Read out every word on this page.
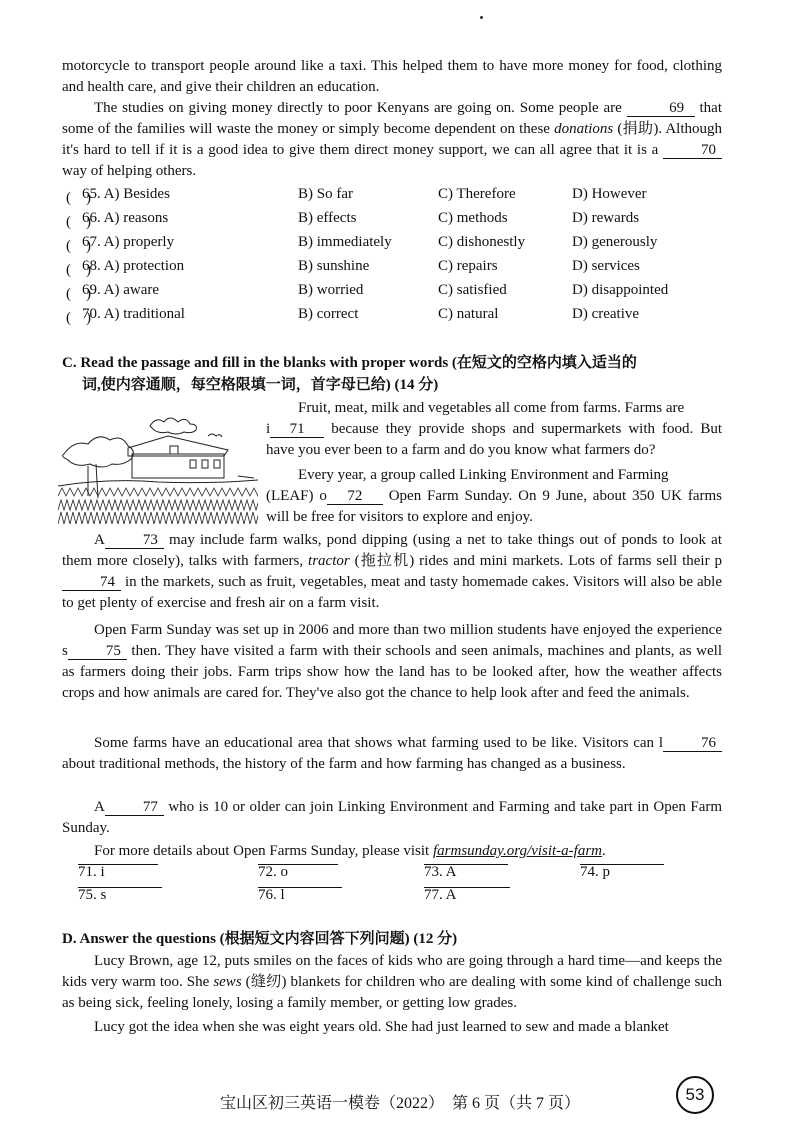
motorcycle to transport people around like a taxi. This helped them to have more money for food, clothing and health care, and give their children an education.

The studies on giving money directly to poor Kenyans are going on. Some people are	69 that some of the families will waste the money or simply become dependent on these donations (捐助). Although it's hard to tell if it is a good idea to give them direct money support, we can all agree that it is a	70 way of helping others.

(　)
65. A) Besides	B) So far	C) Therefore	D) However
(　)
66. A) reasons	B) effects	C) methods	D) rewards
(　)
67. A) properly	B) immediately	C) dishonestly	D) generously
(　)
68. A) protection	B) sunshine	C) repairs	D) services
(　)
69. A) aware	B) worried	C) satisfied	D) disappointed
(　)
70. A) traditional	B) correct	C) natural	D) creative

C. Read the passage and fill in the blanks with proper words (在短文的空格内填入适当的

词,使内容通顺，每空格限填一词，首字母已给) (14 分)

Fruit, meat, milk and vegetables all come from farms. Farms are

i 71 because they provide shops and supermarkets with food. But have you ever been to a farm and do you know what farmers do?

Every year, a group called Linking Environment and Farming

(LEAF) o 72 Open Farm Sunday. On 9 June, about 350 UK farms will be free for visitors to explore and enjoy.

A	73 may include farm walks, pond dipping (using a net to take things out of ponds to look at them more closely), talks with farmers, tractor (拖拉机) rides and mini markets. Lots of farms sell their p74 in the markets, such as fruit, vegetables, meat and tasty homemade cakes. Visitors will also be able to get plenty of exercise and fresh air on a farm visit.

Open Farm Sunday was set up in 2006 and more than two million students have enjoyed the experience s	75 then. They have visited a farm with their schools and seen animals, machines and plants, as well as farmers doing their jobs. Farm trips show how the land has to be looked after, how the weather affects crops and how animals are cared for. They've also got the chance to help look after and feed the animals.

Some farms have an educational area that shows what farming used to be like. Visitors can l	76 about traditional methods, the history of the farm and how farming has changed as a business.

A	77 who is 10 or older can join Linking Environment and Farming and take part in Open Farm Sunday.

For more details about Open Farms Sunday, please visit farmsunday.org/visit-a-farm.

71. i	72. o	73. A	74. p
75. s	76. l	77. A

D. Answer the questions (根据短文内容回答下列问题) (12 分)

Lucy Brown, age 12, puts smiles on the faces of kids who are going through a hard time—and keeps the kids very warm too. She sews (缝纫) blankets for children who are dealing with some kind of challenge such as being sick, feeling lonely, losing a family member, or getting low grades.

Lucy got the idea when she was eight years old. She had just learned to sew and made a blanket

宝山区初三英语一模卷（2022）　第 6 页（共 7 页）	53
